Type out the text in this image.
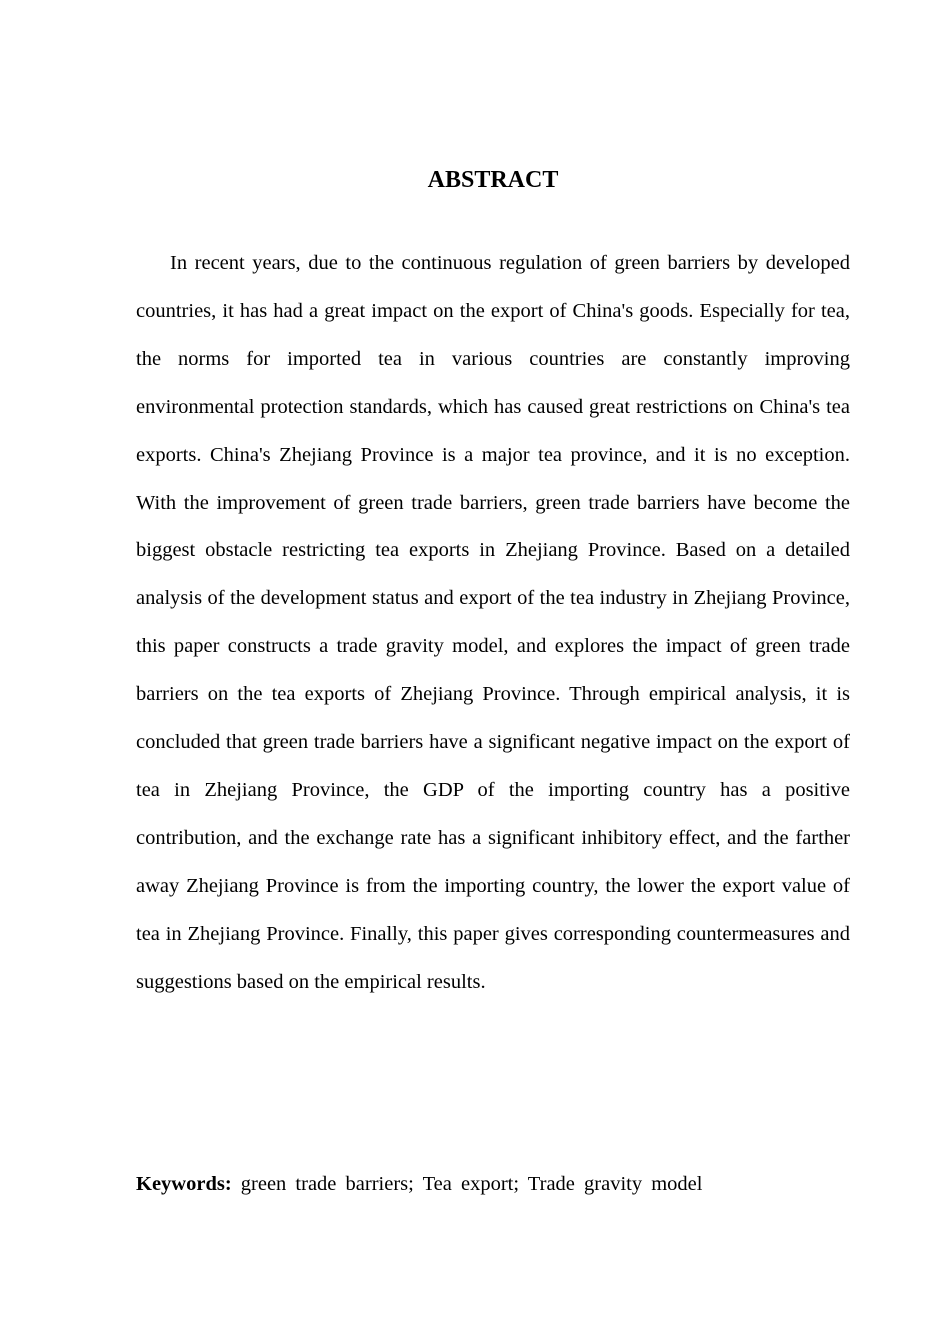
ABSTRACT

In recent years, due to the continuous regulation of green barriers by developed countries, it has had a great impact on the export of China's goods. Especially for tea, the norms for imported tea in various countries are constantly improving environmental protection standards, which has caused great restrictions on China's tea exports. China's Zhejiang Province is a major tea province, and it is no exception. With the improvement of green trade barriers, green trade barriers have become the biggest obstacle restricting tea exports in Zhejiang Province. Based on a detailed analysis of the development status and export of the tea industry in Zhejiang Province, this paper constructs a trade gravity model, and explores the impact of green trade barriers on the tea exports of Zhejiang Province. Through empirical analysis, it is concluded that green trade barriers have a significant negative impact on the export of tea in Zhejiang Province, the GDP of the importing country has a positive contribution, and the exchange rate has a significant inhibitory effect, and the farther away Zhejiang Province is from the importing country, the lower the export value of tea in Zhejiang Province. Finally, this paper gives corresponding countermeasures and suggestions based on the empirical results.

Keywords: green trade barriers; Tea export; Trade gravity model
